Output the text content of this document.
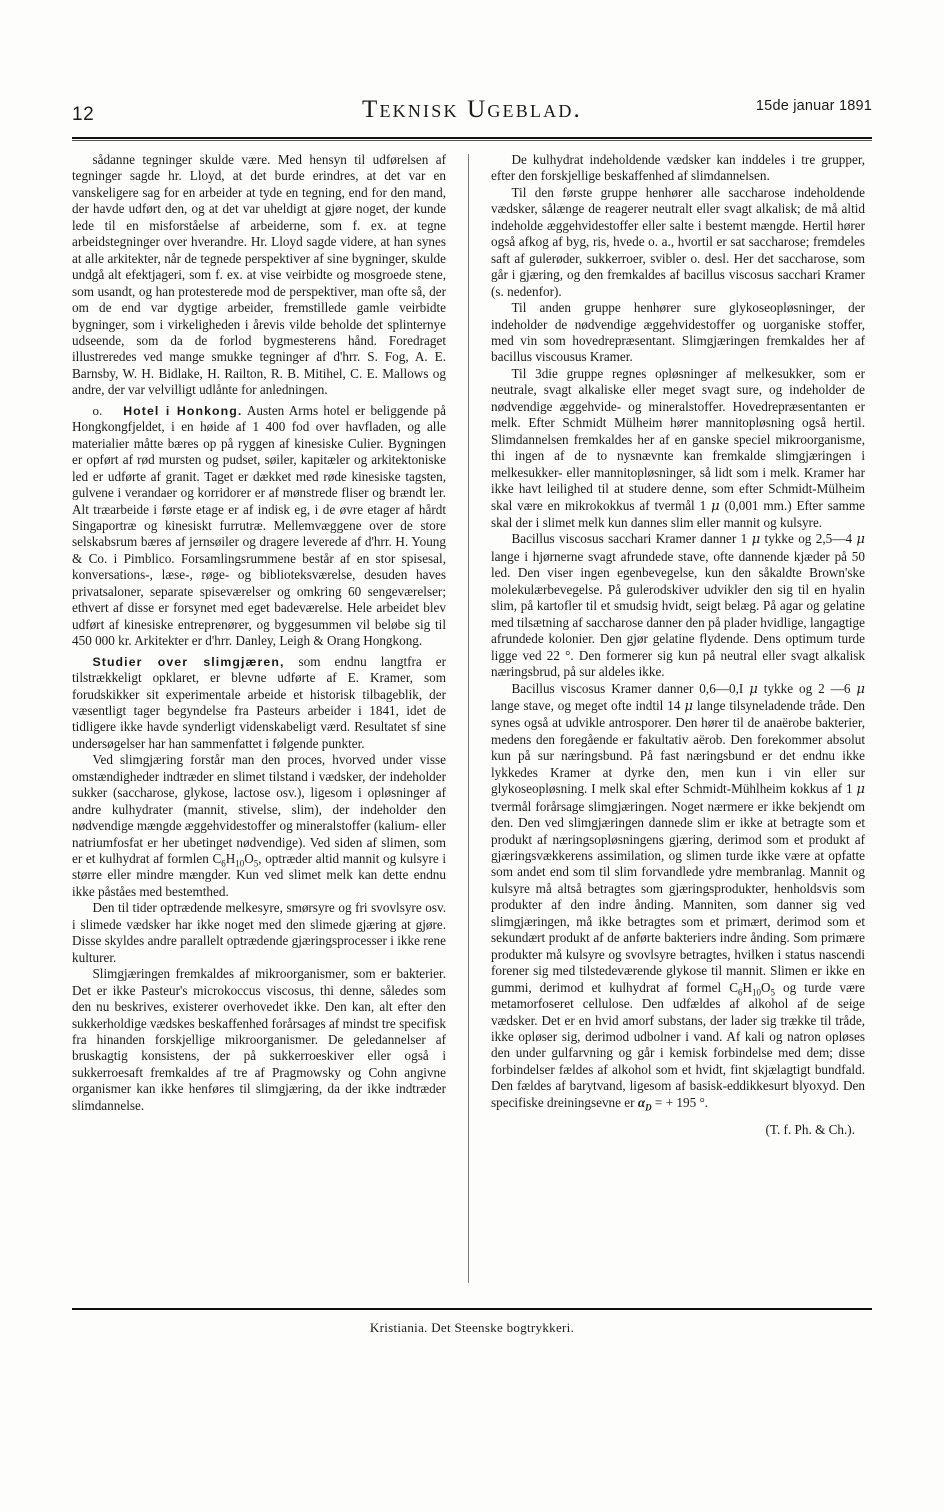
12	Teknisk Ugeblad.	15de januar 1891

sådanne tegninger skulde være. Med hensyn til udførelsen af tegninger sagde hr. Lloyd, at det burde erindres, at det var en vanskeligere sag for en arbeider at tyde en tegning, end for den mand, der havde udført den, og at det var uheldigt at gjøre noget, der kunde lede til en misforståelse af arbeiderne, som f. ex. at tegne arbeidstegninger over hverandre. Hr. Lloyd sagde videre, at han synes at alle arkitekter, når de tegnede perspektiver af sine bygninger, skulde undgå alt efektjageri, som f. ex. at vise veirbidte og mosgroede stene, som usandt, og han protesterede mod de perspektiver, man ofte så, der om de end var dygtige arbeider, fremstillede gamle veirbidte bygninger, som i virkeligheden i årevis vilde beholde det splinternye udseende, som da de forlod bygmesterens hånd. Foredraget illustreredes ved mange smukke tegninger af d'hrr. S. Fog, A. E. Barnsby, W. H. Bidlake, H. Railton, R. B. Mitihel, C. E. Mallows og andre, der var velvilligt udlånte for anledningen.

o. Hotel i Honkong. Austen Arms hotel er beliggende på Hongkongfjeldet, i en høide af 1 400 fod over havfladen, og alle materialier måtte bæres op på ryggen af kinesiske Culier. Bygningen er opført af rød mursten og pudset, søiler, kapitæler og arkitektoniske led er udførte af granit. Taget er dækket med røde kinesiske tagsten, gulvene i verandaer og korridorer er af mønstrede fliser og brændt ler. Alt træarbeide i første etage er af indisk eg, i de øvre etager af hårdt Singaportræ og kinesiskt furrutræ. Mellemvæggene over de store selskabsrum bæres af jernsøiler og dragere leverede af d'hrr. H. Young & Co. i Pimblico. Forsamlingsrummene består af en stor spisesal, konversations-, læse-, røge- og biblioteksværelse, desuden haves privatsaloner, separate spiseværelser og omkring 60 sengeværelser; ethvert af disse er forsynet med eget badeværelse. Hele arbeidet blev udført af kinesiske entreprenører, og byggesummen vil beløbe sig til 450 000 kr. Arkitekter er d'hrr. Danley, Leigh & Orang Hongkong.

Studier over slimgjæren, som endnu langtfra er tilstrækkeligt opklaret, er blevne udførte af E. Kramer, som forudskikker sit experimentale arbeide et historisk tilbageblik, der væsentligt tager begyndelse fra Pasteurs arbeider i 1841, idet de tidligere ikke havde synderligt videnskabeligt værd. Resultatet sf sine undersøgelser har han sammenfattet i følgende punkter.

Ved slimgjæring forstår man den proces, hvorved under visse omstændigheder indtræder en slimet tilstand i vædsker, der indeholder sukker (saccharose, glykose, lactose osv.), ligesom i opløsninger af andre kulhydrater (mannit, stivelse, slim), der indeholder den nødvendige mængde æggehvidestoffer og mineralstoffer (kalium- eller natriumfosfat er her ubetinget nødvendige). Ved siden af slimen, som er et kulhydrat af formlen $C_6H_{10}O_5$, optræder altid mannit og kulsyre i større eller mindre mængder. Kun ved slimet melk kan dette endnu ikke påståes med bestemthed.

Den til tider optrædende melkesyre, smørsyre og fri svovlsyre osv. i slimede vædsker har ikke noget med den slimede gjæring at gjøre. Disse skyldes andre parallelt optrædende gjæringsprocesser i ikke rene kulturer.

Slimgjæringen fremkaldes af mikroorganismer, som er bakterier. Det er ikke Pasteur's microkoccus viscosus, thi denne, således som den nu beskrives, existerer overhovedet ikke. Den kan, alt efter den sukkerholdige vædskes beskaffenhed forårsages af mindst tre specifisk fra hinanden forskjellige mikroorganismer. De geledannelser af bruskagtig konsistens, der på sukkerroeskiver eller også i sukkerroesaft fremkaldes af tre af Pragmowsky og Cohn angivne organismer kan ikke henføres til slimgjæring, da der ikke indtræder slimdannelse.

De kulhydrat indeholdende vædsker kan inddeles i tre grupper, efter den forskjellige beskaffenhed af slimdannelsen.

Til den første gruppe henhører alle saccharose indeholdende vædsker, sålænge de reagerer neutralt eller svagt alkalisk; de må altid indeholde æggehvidestoffer eller salte i bestemt mængde. Hertil hører også afkog af byg, ris, hvede o. a., hvortil er sat saccharose; fremdeles saft af gulerøder, sukkerroer, svibler o. desl. Her det saccharose, som går i gjæring, og den fremkaldes af bacillus viscosus sacchari Kramer (s. nedenfor).

Til anden gruppe henhører sure glykoseopløsninger, der indeholder de nødvendige æggehvidestoffer og uorganiske stoffer, med vin som hovedrepræsentant. Slimgjæringen fremkaldes her af bacillus viscousus Kramer.

Til 3die gruppe regnes opløsninger af melkesukker, som er neutrale, svagt alkaliske eller meget svagt sure, og indeholder de nødvendige æggehvide- og mineralstoffer. Hovedrepræsentanten er melk. Efter Schmidt Mülheim hører mannitopløsning også hertil. Slimdannelsen fremkaldes her af en ganske speciel mikroorganisme, thi ingen af de to nysnævnte kan fremkalde slimgjæringen i melkesukker- eller mannitopløsninger, så lidt som i melk. Kramer har ikke havt leilighed til at studere denne, som efter Schmidt-Mülheim skal være en mikrokokkus af tvermål 1 μ (0,001 mm.) Efter samme skal der i slimet melk kun dannes slim eller mannit og kulsyre.

Bacillus viscosus sacchari Kramer danner 1 μ tykke og 2,5—4 μ lange i hjørnerne svagt afrundede stave, ofte dannende kjæder på 50 led. Den viser ingen egenbevegelse, kun den såkaldte Brown'ske molekulærbevegelse. På gulerodskiver udvikler den sig til en hyalin slim, på kartofler til et smudsig hvidt, seigt belæg. På agar og gelatine med tilsætning af saccharose danner den på plader hvidlige, langagtige afrundede kolonier. Den gjør gelatine flydende. Dens optimum turde ligge ved 22 °. Den formerer sig kun på neutral eller svagt alkalisk næringsbrud, på sur aldeles ikke.

Bacillus viscosus Kramer danner 0,6—0,I μ tykke og 2 —6 μ lange stave, og meget ofte indtil 14 μ lange tilsyneladende tråde. Den synes også at udvikle antrosporer. Den hører til de anaërobe bakterier, medens den foregående er fakultativ aërob. Den forekommer absolut kun på sur næringsbund. På fast næringsbund er det endnu ikke lykkedes Kramer at dyrke den, men kun i vin eller sur glykoseopløsning. I melk skal efter Schmidt-Mühlheim kokkus af 1 μ tvermål forårsage slimgjæringen. Noget nærmere er ikke bekjendt om den. Den ved slimgjæringen dannede slim er ikke at betragte som et produkt af næringsopløsningens gjæring, derimod som et produkt af gjæringsvækkerens assimilation, og slimen turde ikke være at opfatte som andet end som til slim forvandlede ydre membranlag. Mannit og kulsyre må altså betragtes som gjæringsprodukter, henholdsvis som produkter af den indre ånding. Manniten, som danner sig ved slimgjæringen, må ikke betragtes som et primært, derimod som et sekundært produkt af de anførte bakteriers indre ånding. Som primære produkter må kulsyre og svovlsyre betragtes, hvilken i status nascendi forener sig med tilstedeværende glykose til mannit. Slimen er ikke en gummi, derimod et kulhydrat af formel $C_6H_{10}O_5$ og turde være metamorfoseret cellulose. Den udfældes af alkohol af de seige vædsker. Det er en hvid amorf substans, der lader sig trække til tråde, ikke opløser sig, derimod udbolner i vand. Af kali og natron opløses den under gulfarvning og går i kemisk forbindelse med dem; disse forbindelser fældes af alkohol som et hvidt, fint skjælagtigt bundfald. Den fældes af barytvand, ligesom af basisk-eddikkesurt blyoxyd. Den specifiske dreiningsevne er $\alpha_D$ = + 195 °.

(T. f. Ph. & Ch.).
Kristiania. Det Steenske bogtrykkeri.
